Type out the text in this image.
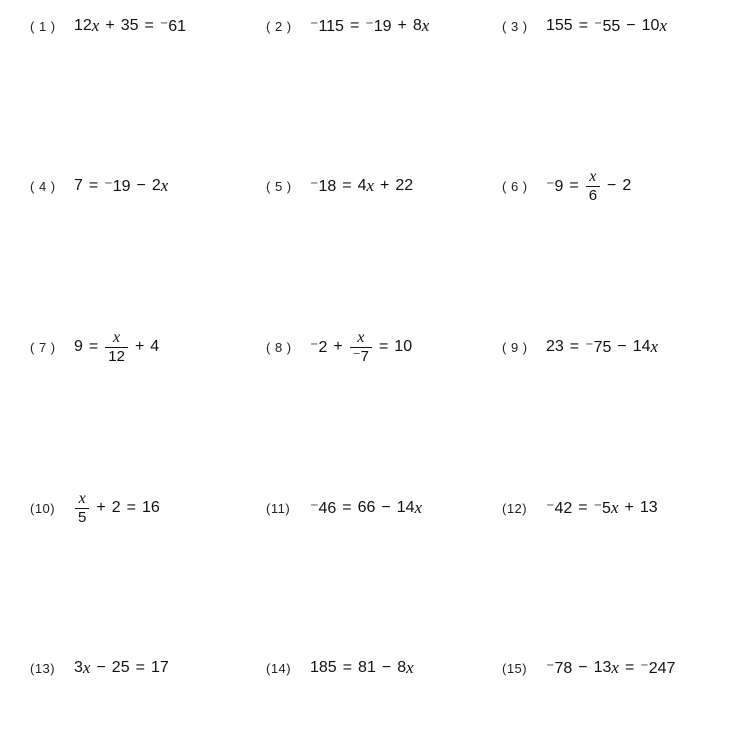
( 1 )	12 x + 35 = ⁻61	( 2 )	⁻115 = ⁻19 + 8 x	( 3 )	155 = ⁻55 − 10 x
( 4 )	7 = ⁻19 − 2 x	( 5 )	⁻18 = 4 x + 22	( 6 )	$^-9 = \frac{x}{6} - 2$
( 7 )	$9 = \frac{x}{12} + 4$	( 8 )	$^-2 + \frac{x}{^-7} = 10$	( 9 )	23 = ⁻75 − 14 x
(10)	$\frac{x}{5} + 2 = 16$	(11)	⁻46 = 66 − 14 x	(12)	⁻42 = ⁻5 x + 13
(13)	3 x − 25 = 17	(14)	185 = 81 − 8 x	(15)	⁻78 − 13 x = ⁻247
